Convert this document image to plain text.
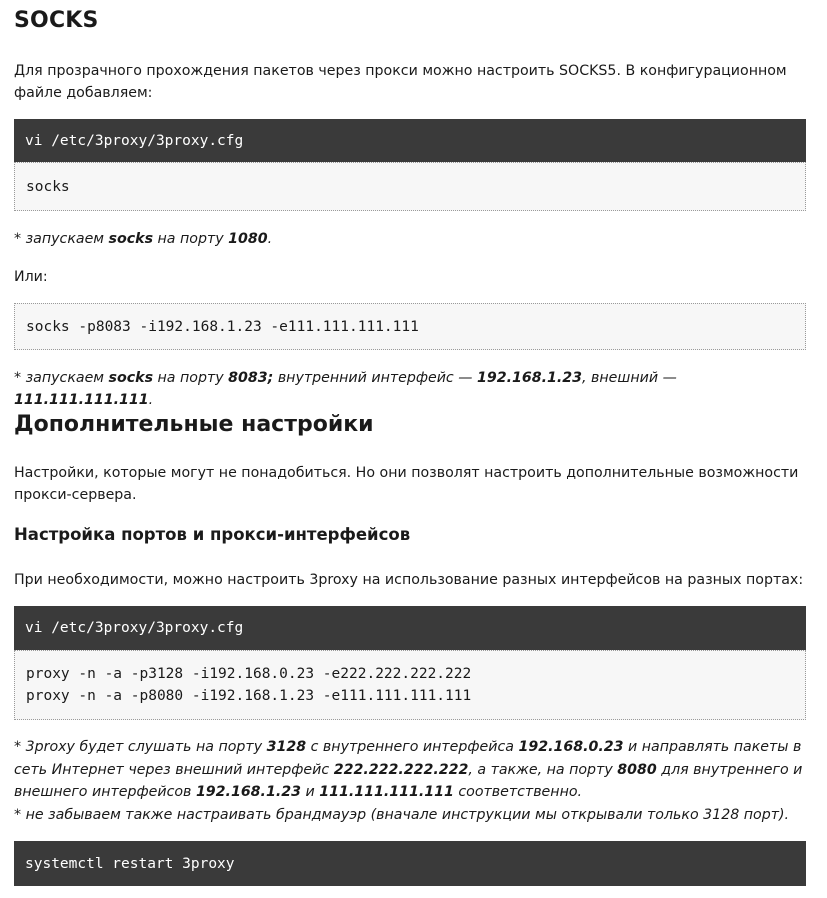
SOCKS

Для прозрачного прохождения пакетов через прокси можно настроить SOCKS5. В конфигурационном файле добавляем:

vi /etc/3proxy/3proxy.cfg
socks

* запускаем socks на порту 1080.

Или:

socks -p8083 -i192.168.1.23 -e111.111.111.111

* запускаем socks на порту 8083; внутренний интерфейс — 192.168.1.23, внешний — 111.111.111.111.

Дополнительные настройки

Настройки, которые могут не понадобиться. Но они позволят настроить дополнительные возможности прокси-сервера.

Настройка портов и прокси-интерфейсов

При необходимости, можно настроить 3proxy на использование разных интерфейсов на разных портах:

vi /etc/3proxy/3proxy.cfg
proxy -n -a -p3128 -i192.168.0.23 -e222.222.222.222
proxy -n -a -p8080 -i192.168.1.23 -e111.111.111.111

* 3proxy будет слушать на порту 3128 с внутреннего интерфейса 192.168.0.23 и направлять пакеты в сеть Интернет через внешний интерфейс 222.222.222.222, а также, на порту 8080 для внутреннего и внешнего интерфейсов 192.168.1.23 и 111.111.111.111 соответственно.

* не забываем также настраивать брандмауэр (вначале инструкции мы открывали только 3128 порт).

systemctl restart 3proxy
